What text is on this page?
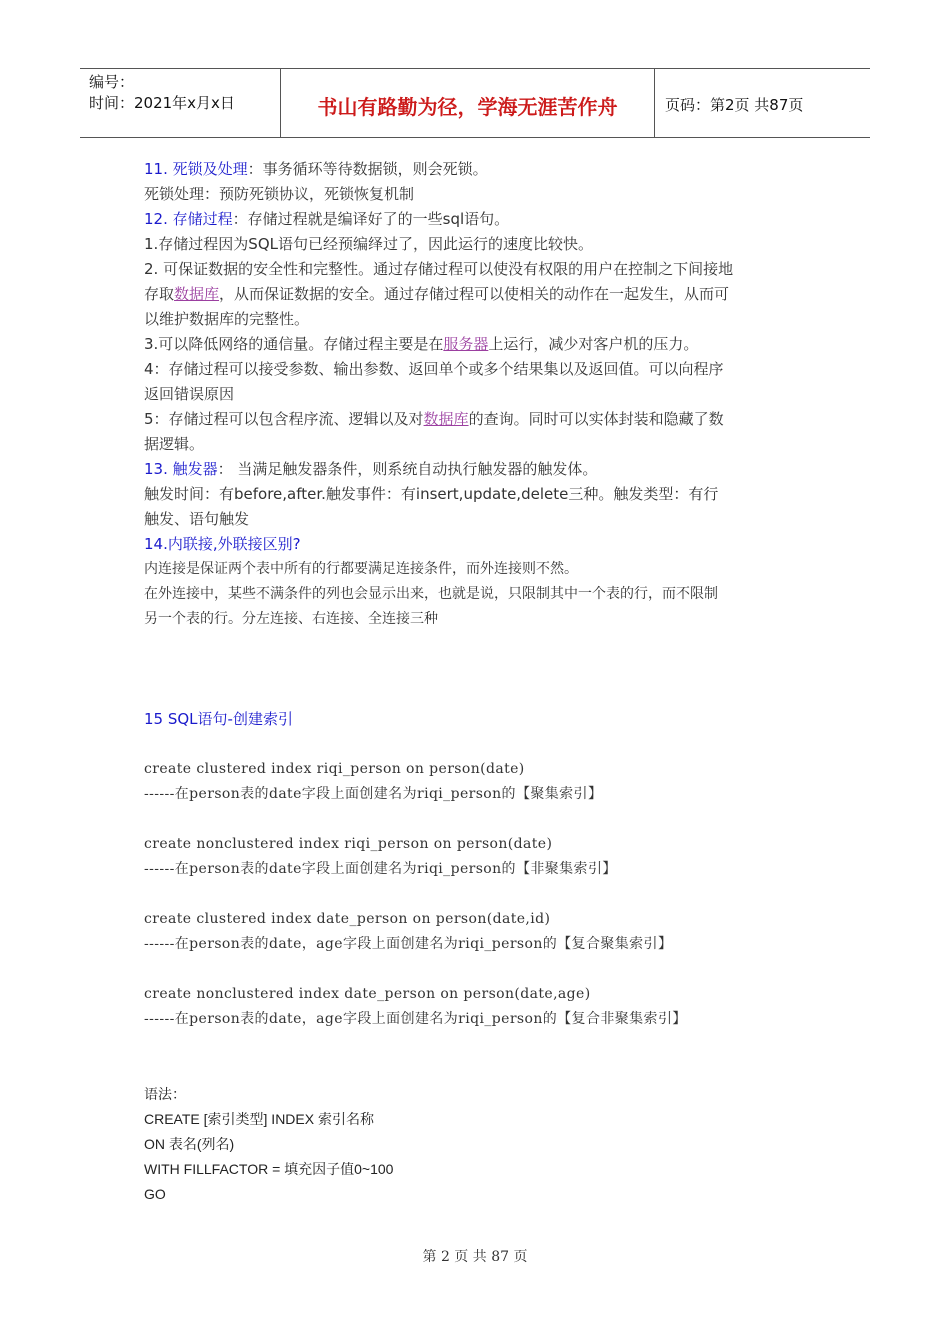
编号：
时间：2021年x月x日	书山有路勤为径，学海无涯苦作舟	页码：第2页 共87页
11. 死锁及处理：事务循环等待数据锁，则会死锁。
死锁处理：预防死锁协议，死锁恢复机制
12. 存储过程：存储过程就是编译好了的一些sql语句。
1.存储过程因为SQL语句已经预编绎过了，因此运行的速度比较快。
2. 可保证数据的安全性和完整性。通过存储过程可以使没有权限的用户在控制之下间接地
存取数据库，从而保证数据的安全。通过存储过程可以使相关的动作在一起发生，从而可
以维护数据库的完整性。
3.可以降低网络的通信量。存储过程主要是在服务器上运行，减少对客户机的压力。
4：存储过程可以接受参数、输出参数、返回单个或多个结果集以及返回值。可以向程序
返回错误原因
5：存储过程可以包含程序流、逻辑以及对数据库的查询。同时可以实体封装和隐藏了数
据逻辑。
13. 触发器： 当满足触发器条件，则系统自动执行触发器的触发体。
触发时间：有before,after.触发事件：有insert,update,delete三种。触发类型：有行
触发、语句触发
14.内联接,外联接区别?
内连接是保证两个表中所有的行都要满足连接条件，而外连接则不然。
在外连接中，某些不满条件的列也会显示出来，也就是说，只限制其中一个表的行，而不限制
另一个表的行。分左连接、右连接、全连接三种
15 SQL语句-创建索引
create clustered index riqi_person on person(date)
------在person表的date字段上面创建名为riqi_person的【聚集索引】
create nonclustered index riqi_person on person(date)
------在person表的date字段上面创建名为riqi_person的【非聚集索引】
create clustered index date_person on person(date,id)
------在person表的date，age字段上面创建名为riqi_person的【复合聚集索引】
create nonclustered index date_person on person(date,age)
------在person表的date，age字段上面创建名为riqi_person的【复合非聚集索引】
语法：
CREATE [索引类型] INDEX 索引名称
ON 表名(列名)
WITH FILLFACTOR = 填充因子值0~100
GO
第 2 页 共 87 页
